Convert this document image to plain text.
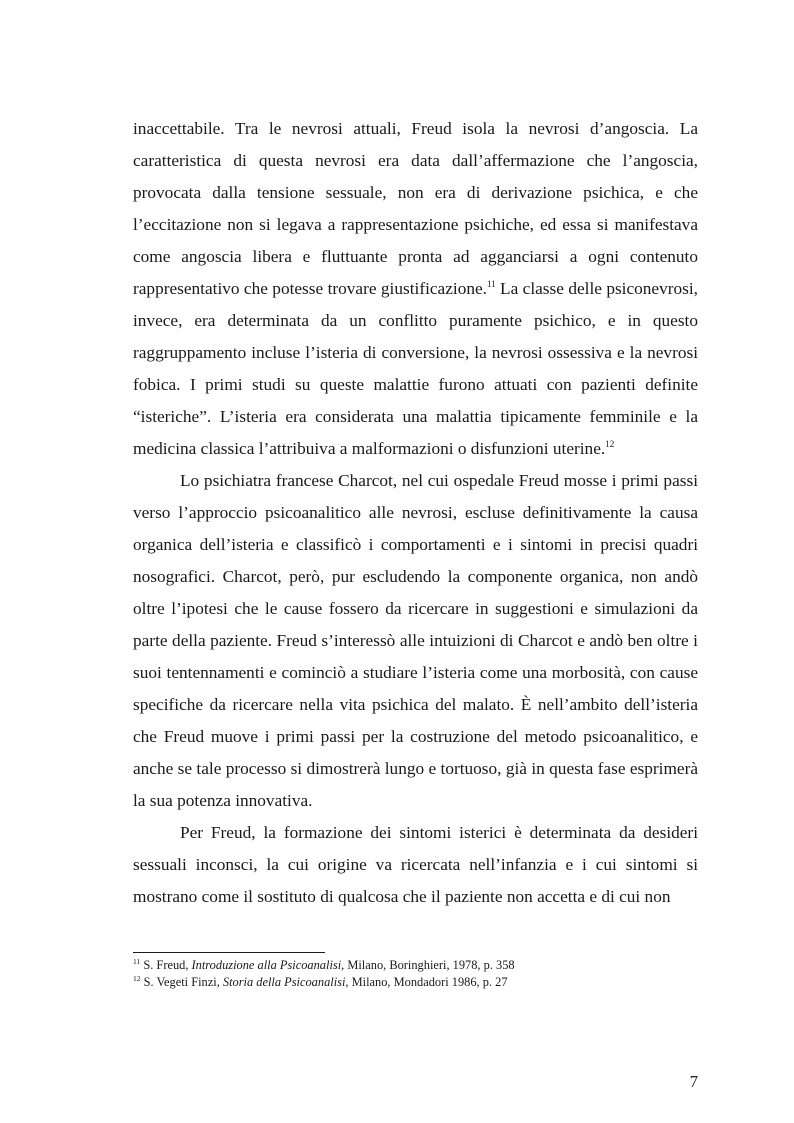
inaccettabile. Tra le nevrosi attuali, Freud isola la nevrosi d’angoscia. La caratteristica di questa nevrosi era data dall’affermazione che l’angoscia, provocata dalla tensione sessuale, non era di derivazione psichica, e che l’eccitazione non si legava a rappresentazione psichiche, ed essa si manifestava come angoscia libera e fluttuante pronta ad agganciarsi a ogni contenuto rappresentativo che potesse trovare giustificazione.$^{11}$ La classe delle psiconevrosi, invece, era determinata da un conflitto puramente psichico, e in questo raggruppamento incluse l’isteria di conversione, la nevrosi ossessiva e la nevrosi fobica. I primi studi su queste malattie furono attuati con pazienti definite “isteriche”. L’isteria era considerata una malattia tipicamente femminile e la medicina classica l’attribuiva a malformazioni o disfunzioni uterine.$^{12}$

Lo psichiatra francese Charcot, nel cui ospedale Freud mosse i primi passi verso l’approccio psicoanalitico alle nevrosi, escluse definitivamente la causa organica dell’isteria e classificò i comportamenti e i sintomi in precisi quadri nosografici. Charcot, però, pur escludendo la componente organica, non andò oltre l’ipotesi che le cause fossero da ricercare in suggestioni e simulazioni da parte della paziente. Freud s’interessò alle intuizioni di Charcot e andò ben oltre i suoi tentennamenti e cominciò a studiare l’isteria come una morbosità, con cause specifiche da ricercare nella vita psichica del malato. È nell’ambito dell’isteria che Freud muove i primi passi per la costruzione del metodo psicoanalitico, e anche se tale processo si dimostrerà lungo e tortuoso, già in questa fase esprimerà la sua potenza innovativa.

Per Freud, la formazione dei sintomi isterici è determinata da desideri sessuali inconsci, la cui origine va ricercata nell’infanzia e i cui sintomi si mostrano come il sostituto di qualcosa che il paziente non accetta e di cui non

$^{11}$ S. Freud, Introduzione alla Psicoanalisi, Milano, Boringhieri, 1978, p. 358

$^{12}$ S. Vegeti Finzi, Storia della Psicoanalisi, Milano, Mondadori 1986, p. 27

7
